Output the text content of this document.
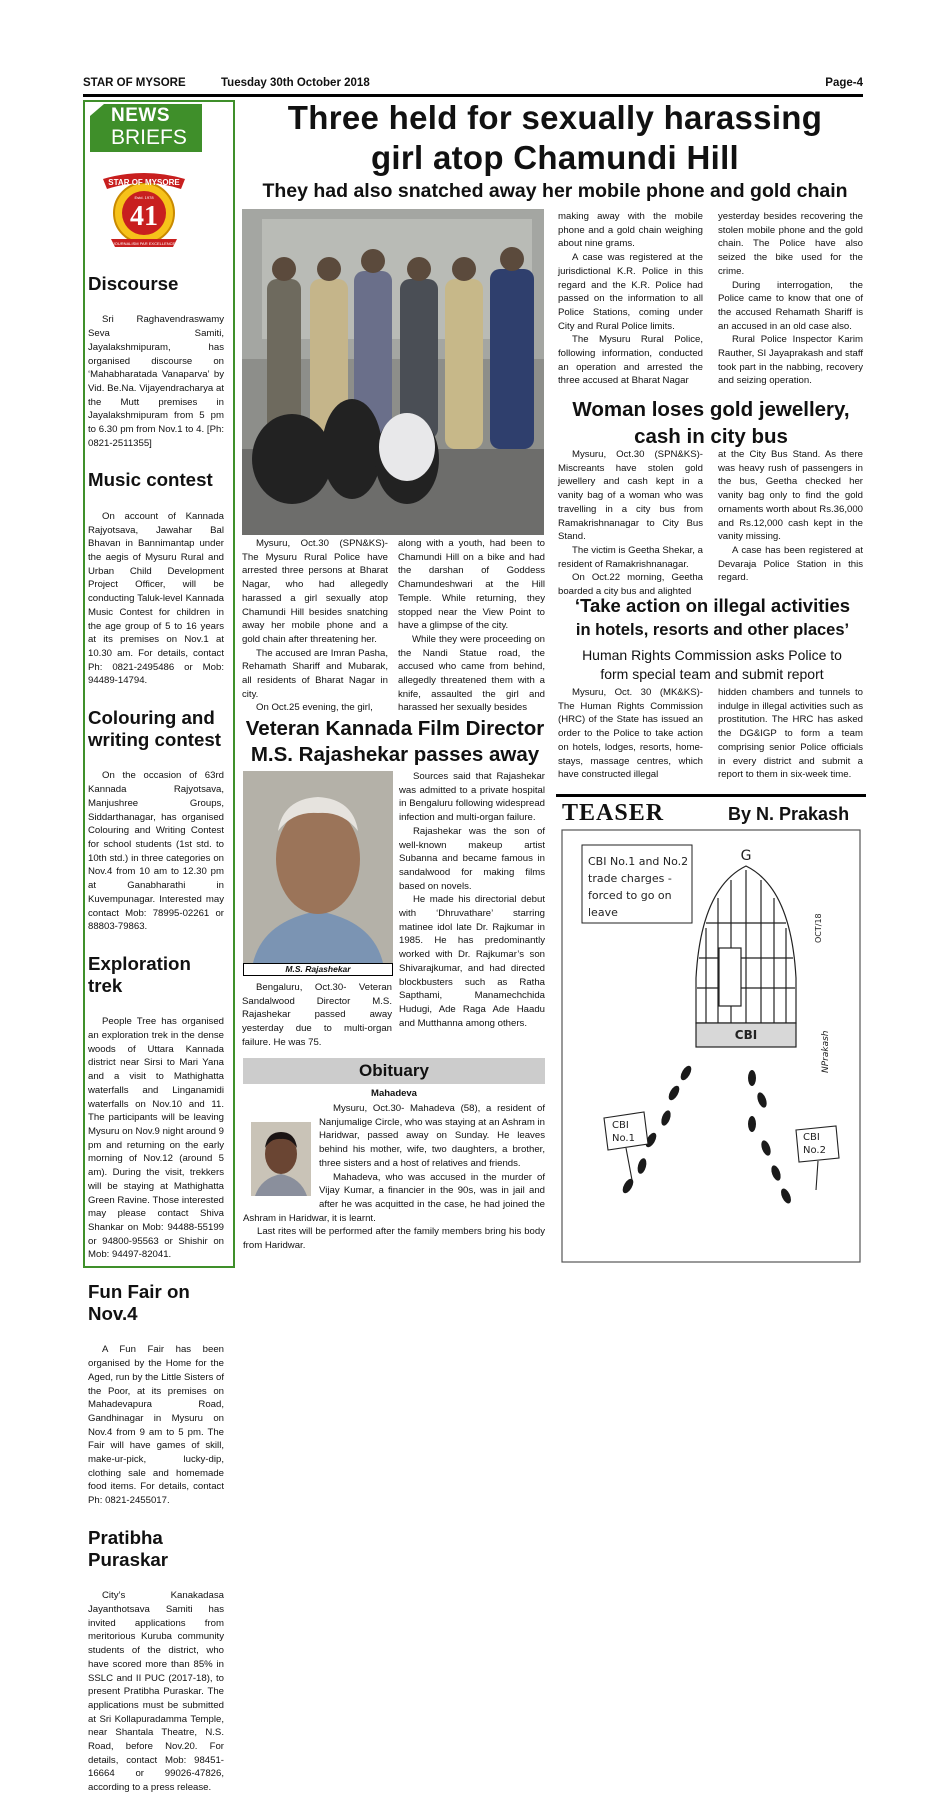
STAR OF MYSORE	Tuesday 30th October 2018	Page-4
NEWS
BRIEFS
STAR OF MYSORE
Estd. 1978
41
JOURNALISM PAR EXCELLENCE
Discourse

Sri Raghavendraswamy Seva Samiti, Jayalakshmipuram, has organised discourse on ‘Mahabharatada Vanaparva’ by Vid. Be.Na. Vijayendracharya at the Mutt premises in Jayalakshmipuram from 5 pm to 6.30 pm from Nov.1 to 4. [Ph: 0821-2511355]

Music contest

On account of Kannada Rajyotsava, Jawahar Bal Bhavan in Bannimantap under the aegis of Mysuru Rural and Urban Child Development Project Officer, will be conducting Taluk-level Kannada Music Contest for children in the age group of 5 to 16 years at its premises on Nov.1 at 10.30 am. For details, contact Ph: 0821-2495486 or Mob: 94489-14794.

Colouring and writing contest

On the occasion of 63rd Kannada Rajyotsava, Manjushree Groups, Siddarthanagar, has organised Colouring and Writing Contest for school students (1st std. to 10th std.) in three categories on Nov.4 from 10 am to 12.30 pm at Ganabharathi in Kuvempunagar. Interested may contact Mob: 78995-02261 or 88803-79863.

Exploration trek

People Tree has organised an exploration trek in the dense woods of Uttara Kannada district near Sirsi to Mari Yana and a visit to Mathighatta waterfalls and Linganamidi waterfalls on Nov.10 and 11. The participants will be leaving Mysuru on Nov.9 night around 9 pm and returning on the early morning of Nov.12 (around 5 am). During the visit, trekkers will be staying at Mathighatta Green Ravine. Those interested may please contact Shiva Shankar on Mob: 94488-55199 or 94800-95563 or Shishir on Mob: 94497-82041.

Fun Fair on Nov.4

A Fun Fair has been organised by the Home for the Aged, run by the Little Sisters of the Poor, at its premises on Mahadevapura Road, Gandhinagar in Mysuru on Nov.4 from 9 am to 5 pm. The Fair will have games of skill, make-ur-pick, lucky-dip, clothing sale and homemade food items. For details, contact Ph: 0821-2455017.

Pratibha Puraskar

City’s Kanakadasa Jayanthotsava Samiti has invited applications from meritorious Kuruba community students of the district, who have scored more than 85% in SSLC and II PUC (2017-18), to present Pratibha Puraskar. The applications must be submitted at Sri Kollapuradamma Temple, near Shantala Theatre, N.S. Road, before Nov.20. For details, contact Mob: 98451-16664 or 99026-47826, according to a press release.

Three held for sexually harassing
girl atop Chamundi Hill
They had also snatched away her mobile phone and gold chain

Mysuru, Oct.30 (SPN&KS)- The Mysuru Rural Police have arrested three persons at Bharat Nagar, who had allegedly harassed a girl sexually atop Chamundi Hill besides snatching away her mobile phone and a gold chain after threatening her.

The accused are Imran Pasha, Rehamath Shariff and Mubarak, all residents of Bharat Nagar in city.

On Oct.25 evening, the girl,

along with a youth, had been to Chamundi Hill on a bike and had the darshan of Goddess Chamundeshwari at the Hill Temple. While returning, they stopped near the View Point to have a glimpse of the city.

While they were proceeding on the Nandi Statue road, the accused who came from behind, allegedly threatened them with a knife, assaulted the girl and harassed her sexually besides

making away with the mobile phone and a gold chain weighing about nine grams.

A case was registered at the jurisdictional K.R. Police in this regard and the K.R. Police had passed on the information to all Police Stations, coming under City and Rural Police limits.

The Mysuru Rural Police, following information, conducted an operation and arrested the three accused at Bharat Nagar

yesterday besides recovering the stolen mobile phone and the gold chain. The Police have also seized the bike used for the crime.

During interrogation, the Police came to know that one of the accused Rehamath Shariff is an accused in an old case also.

Rural Police Inspector Karim Rauther, SI Jayaprakash and staff took part in the nabbing, recovery and seizing operation.

Veteran Kannada Film Director
M.S. Rajashekar passes away
M.S. Rajashekar

Bengaluru, Oct.30- Veteran Sandalwood Director M.S. Rajashekar passed away yesterday due to multi-organ failure. He was 75.

Sources said that Rajashekar was admitted to a private hospital in Bengaluru following widespread infection and multi-organ failure.

Rajashekar was the son of well-known makeup artist Subanna and became famous in sandalwood for making films based on novels.

He made his directorial debut with ‘Dhruvathare’ starring matinee idol late Dr. Rajkumar in 1985. He has predominantly worked with Dr. Rajkumar’s son Shivarajkumar, and had directed blockbusters such as Ratha Sapthami, Manamechchida Hudugi, Ade Raga Ade Haadu and Mutthanna among others.

Obituary
Mahadeva

Mysuru, Oct.30- Mahadeva (58), a resident of Nanjumalige Circle, who was staying at an Ashram in Haridwar, passed away on Sunday. He leaves behind his mother, wife, two daughters, a brother, three sisters and a host of relatives and friends.

Mahadeva, who was accused in the murder of Vijay Kumar, a financier in the 90s, was in jail and after he was acquitted in the case, he had joined the Ashram in Haridwar, it is learnt.

Last rites will be performed after the family members bring his body from Haridwar.

Woman loses gold jewellery,
cash in city bus

Mysuru, Oct.30 (SPN&KS)- Miscreants have stolen gold jewellery and cash kept in a vanity bag of a woman who was travelling in a city bus from Ramakrishnanagar to City Bus Stand.

The victim is Geetha Shekar, a resident of Ramakrishnanagar.

On Oct.22 morning, Geetha boarded a city bus and alighted

at the City Bus Stand. As there was heavy rush of passengers in the bus, Geetha checked her vanity bag only to find the gold ornaments worth about Rs.36,000 and Rs.12,000 cash kept in the vanity missing.

A case has been registered at Devaraja Police Station in this regard.

‘Take action on illegal activities
in hotels, resorts and other places’
Human Rights Commission asks Police to
form special team and submit report

Mysuru, Oct. 30 (MK&KS)- The Human Rights Commission (HRC) of the State has issued an order to the Police to take action on hotels, lodges, resorts, home-stays, massage centres, which have constructed illegal

hidden chambers and tunnels to indulge in illegal activities such as prostitution. The HRC has asked the DG&IGP to form a team comprising senior Police officials in every district and submit a report to them in six-week time.

TEASER	By N. Prakash
CBI No.1 and No.2
trade charges -
forced to go on
leave
G
CBI
OCT/18
NPrakash
CBI
No.1	CBI
No.2
